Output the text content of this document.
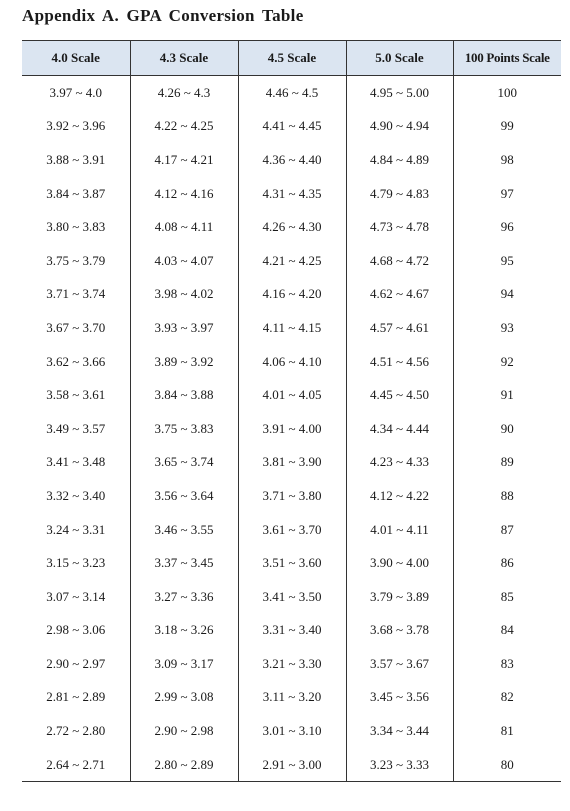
Appendix A. GPA Conversion Table
4.0 Scale	4.3 Scale	4.5 Scale	5.0 Scale	100 Points Scale
3.97 ~ 4.0	4.26 ~ 4.3	4.46 ~ 4.5	4.95 ~ 5.00	100
3.92 ~ 3.96	4.22 ~ 4.25	4.41 ~ 4.45	4.90 ~ 4.94	99
3.88 ~ 3.91	4.17 ~ 4.21	4.36 ~ 4.40	4.84 ~ 4.89	98
3.84 ~ 3.87	4.12 ~ 4.16	4.31 ~ 4.35	4.79 ~ 4.83	97
3.80 ~ 3.83	4.08 ~ 4.11	4.26 ~ 4.30	4.73 ~ 4.78	96
3.75 ~ 3.79	4.03 ~ 4.07	4.21 ~ 4.25	4.68 ~ 4.72	95
3.71 ~ 3.74	3.98 ~ 4.02	4.16 ~ 4.20	4.62 ~ 4.67	94
3.67 ~ 3.70	3.93 ~ 3.97	4.11 ~ 4.15	4.57 ~ 4.61	93
3.62 ~ 3.66	3.89 ~ 3.92	4.06 ~ 4.10	4.51 ~ 4.56	92
3.58 ~ 3.61	3.84 ~ 3.88	4.01 ~ 4.05	4.45 ~ 4.50	91
3.49 ~ 3.57	3.75 ~ 3.83	3.91 ~ 4.00	4.34 ~ 4.44	90
3.41 ~ 3.48	3.65 ~ 3.74	3.81 ~ 3.90	4.23 ~ 4.33	89
3.32 ~ 3.40	3.56 ~ 3.64	3.71 ~ 3.80	4.12 ~ 4.22	88
3.24 ~ 3.31	3.46 ~ 3.55	3.61 ~ 3.70	4.01 ~ 4.11	87
3.15 ~ 3.23	3.37 ~ 3.45	3.51 ~ 3.60	3.90 ~ 4.00	86
3.07 ~ 3.14	3.27 ~ 3.36	3.41 ~ 3.50	3.79 ~ 3.89	85
2.98 ~ 3.06	3.18 ~ 3.26	3.31 ~ 3.40	3.68 ~ 3.78	84
2.90 ~ 2.97	3.09 ~ 3.17	3.21 ~ 3.30	3.57 ~ 3.67	83
2.81 ~ 2.89	2.99 ~ 3.08	3.11 ~ 3.20	3.45 ~ 3.56	82
2.72 ~ 2.80	2.90 ~ 2.98	3.01 ~ 3.10	3.34 ~ 3.44	81
2.64 ~ 2.71	2.80 ~ 2.89	2.91 ~ 3.00	3.23 ~ 3.33	80
